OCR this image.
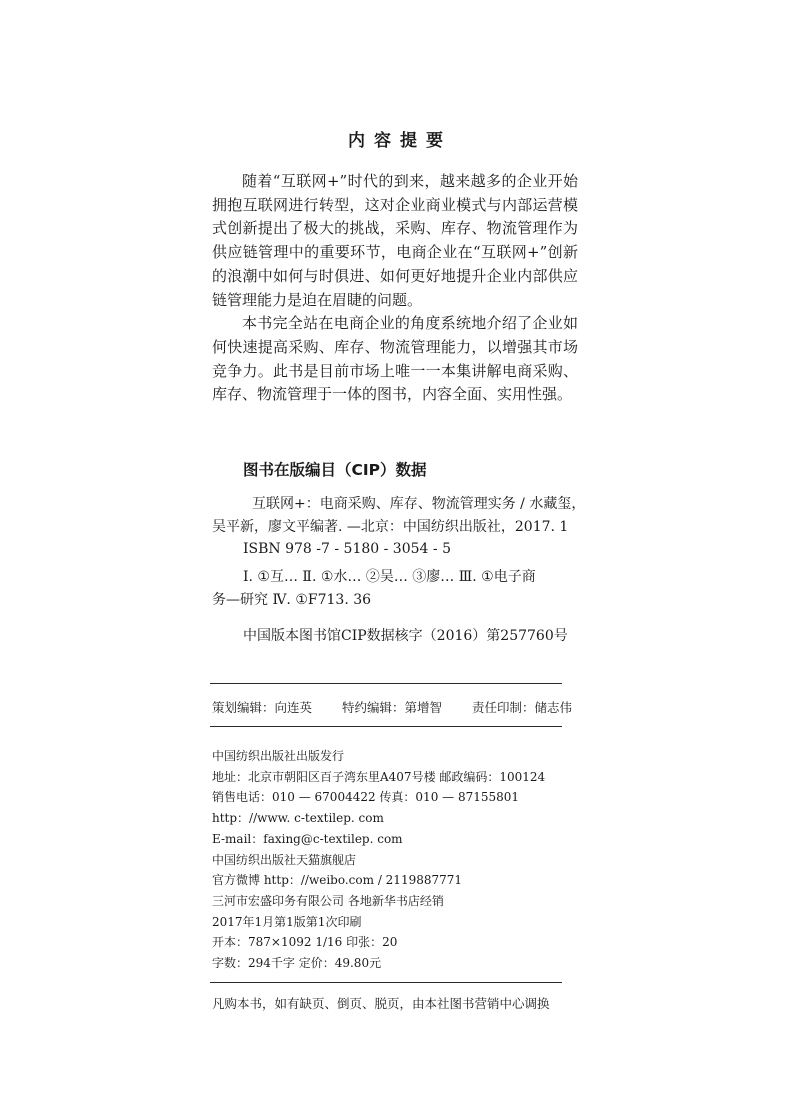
内容提要

随着“互联网+”时代的到来，越来越多的企业开始拥抱互联网进行转型，这对企业商业模式与内部运营模式创新提出了极大的挑战，采购、库存、物流管理作为供应链管理中的重要环节，电商企业在“互联网+”创新的浪潮中如何与时俱进、如何更好地提升企业内部供应链管理能力是迫在眉睫的问题。

本书完全站在电商企业的角度系统地介绍了企业如何快速提高采购、库存、物流管理能力，以增强其市场竞争力。此书是目前市场上唯一一本集讲解电商采购、库存、物流管理于一体的图书，内容全面、实用性强。

图书在版编目（CIP）数据
互联网+：电商采购、库存、物流管理实务 / 水藏玺，
吴平新，廖文平编著. —北京：中国纺织出版社，2017. 1
ISBN 978 -7 - 5180 - 3054 - 5
Ⅰ. ①互… Ⅱ. ①水… ②吴… ③廖… Ⅲ. ①电子商
务—研究 Ⅳ. ①F713. 36
中国版本图书馆CIP数据核字（2016）第257760号
策划编辑：向连英 特约编辑：第增智 责任印制：储志伟
中国纺织出版社出版发行
地址：北京市朝阳区百子湾东里A407号楼 邮政编码：100124
销售电话：010 — 67004422 传真：010 — 87155801
http：//www. c-textilep. com
E-mail：faxing@c-textilep. com
中国纺织出版社天猫旗舰店
官方微博 http：//weibo.com / 2119887771
三河市宏盛印务有限公司 各地新华书店经销
2017年1月第1版第1次印刷
开本：787×1092 1/16 印张：20
字数：294千字 定价：49.80元
凡购本书，如有缺页、倒页、脱页，由本社图书营销中心调换
